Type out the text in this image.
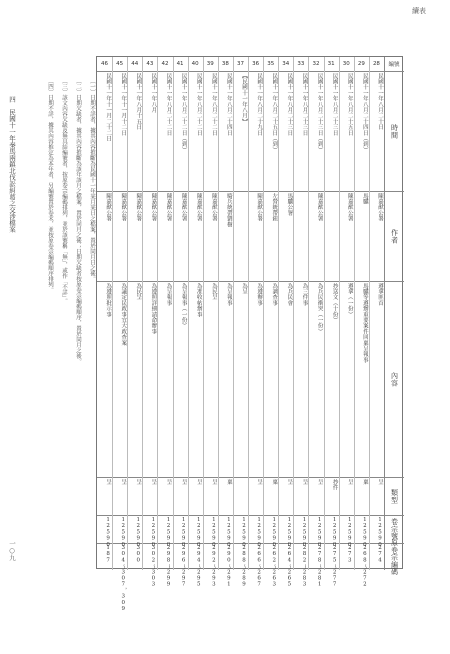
續表
編號
時間
作者
內容
類型
卷宗號
原卷宗編碼
28
民國十一年八月二十日
陳嘉猷公署
遵拿匪首
呈
12590
274
29
民國十一年八月二十四日（到）
馬驥
馬驥等遵辦重要案件回稟呈報事
稟
12590
268～272
30
民國十一年八月二十五日
陳嘉猷公署
遵拿（一份）
呈
12590
273
31
民國十一年八月二十三日
抄送文（十份）
抄件
12590
275～277
32
民國十一年八月二十三日（到）
陳嘉猷公署
為兵民衝突（一份）
呈
12590
278～281
33
民國十一年八月二十三日
為三件事
呈
12590
282～283
34
民國十一年八月二十三日
馬驥公署
為兵民會
呈
12590
264～265
35
民國十一年八月二十五日（到）
左營統帶鈕
為調查事
稟
12590
262～263
36
民國十一年八月二十九日
陳嘉猷公署
為遵辦事
呈
12590
266～267
37
【民國十一年八月】
為呈
12590
288～289
38
民國十一年八月二十四日
騎兵統帶劉樹
為呈報事
稟
12590
290～291
39
民國十一年八月二十二日
陳嘉猷公署
為民呈
呈
12590
292～293
40
民國十一年八月二十二日
陳嘉猷公署
為准收帖辦事
呈
12590
294～295
41
民國十一年八月二十二日（到）
陳嘉猷公署
為呈報事（一份）
呈
12590
296～297
42
民國十一年八月二十二日
陳嘉猷公署
為呈報事
呈
12590
298～299
43
民國十一年八月
陳嘉猷公署
為遵照詳細請命辦事
呈
12590
302～303
44
民國十一年八月十五日
陳嘉猷公署
為民呈
呈
12590
300
45
民國十一年十一月十二日
陳嘉猷公署
為議定民政事宜大政查案
呈
12590
304～307，309
46
民國十一年十一月二十二日
陳嘉猷公署
為遵照批示事
呈
12590
187
〔一〕日期不詳者，據其內容推斷為民國十一年某月某日之檔案，置於同月日之後。
〔二〕日期欠缺者，據其內容推斷為該年該月之檔案，置於同月之後；日期欠缺者按原卷宗編碼順序，置於同月之後。
〔三〕該文內容欠缺及無具結編號者，按原卷宗編碼排列，並於該號稱「無」，或作「不詳」。
〔四〕日期不詳，據其內容推定為本年者，另編號置於卷末，並按原卷宗編碼順序排列。
四　民國十一年秦馬兩鎮北伐訟糾葛之交涉檔案
一○九
